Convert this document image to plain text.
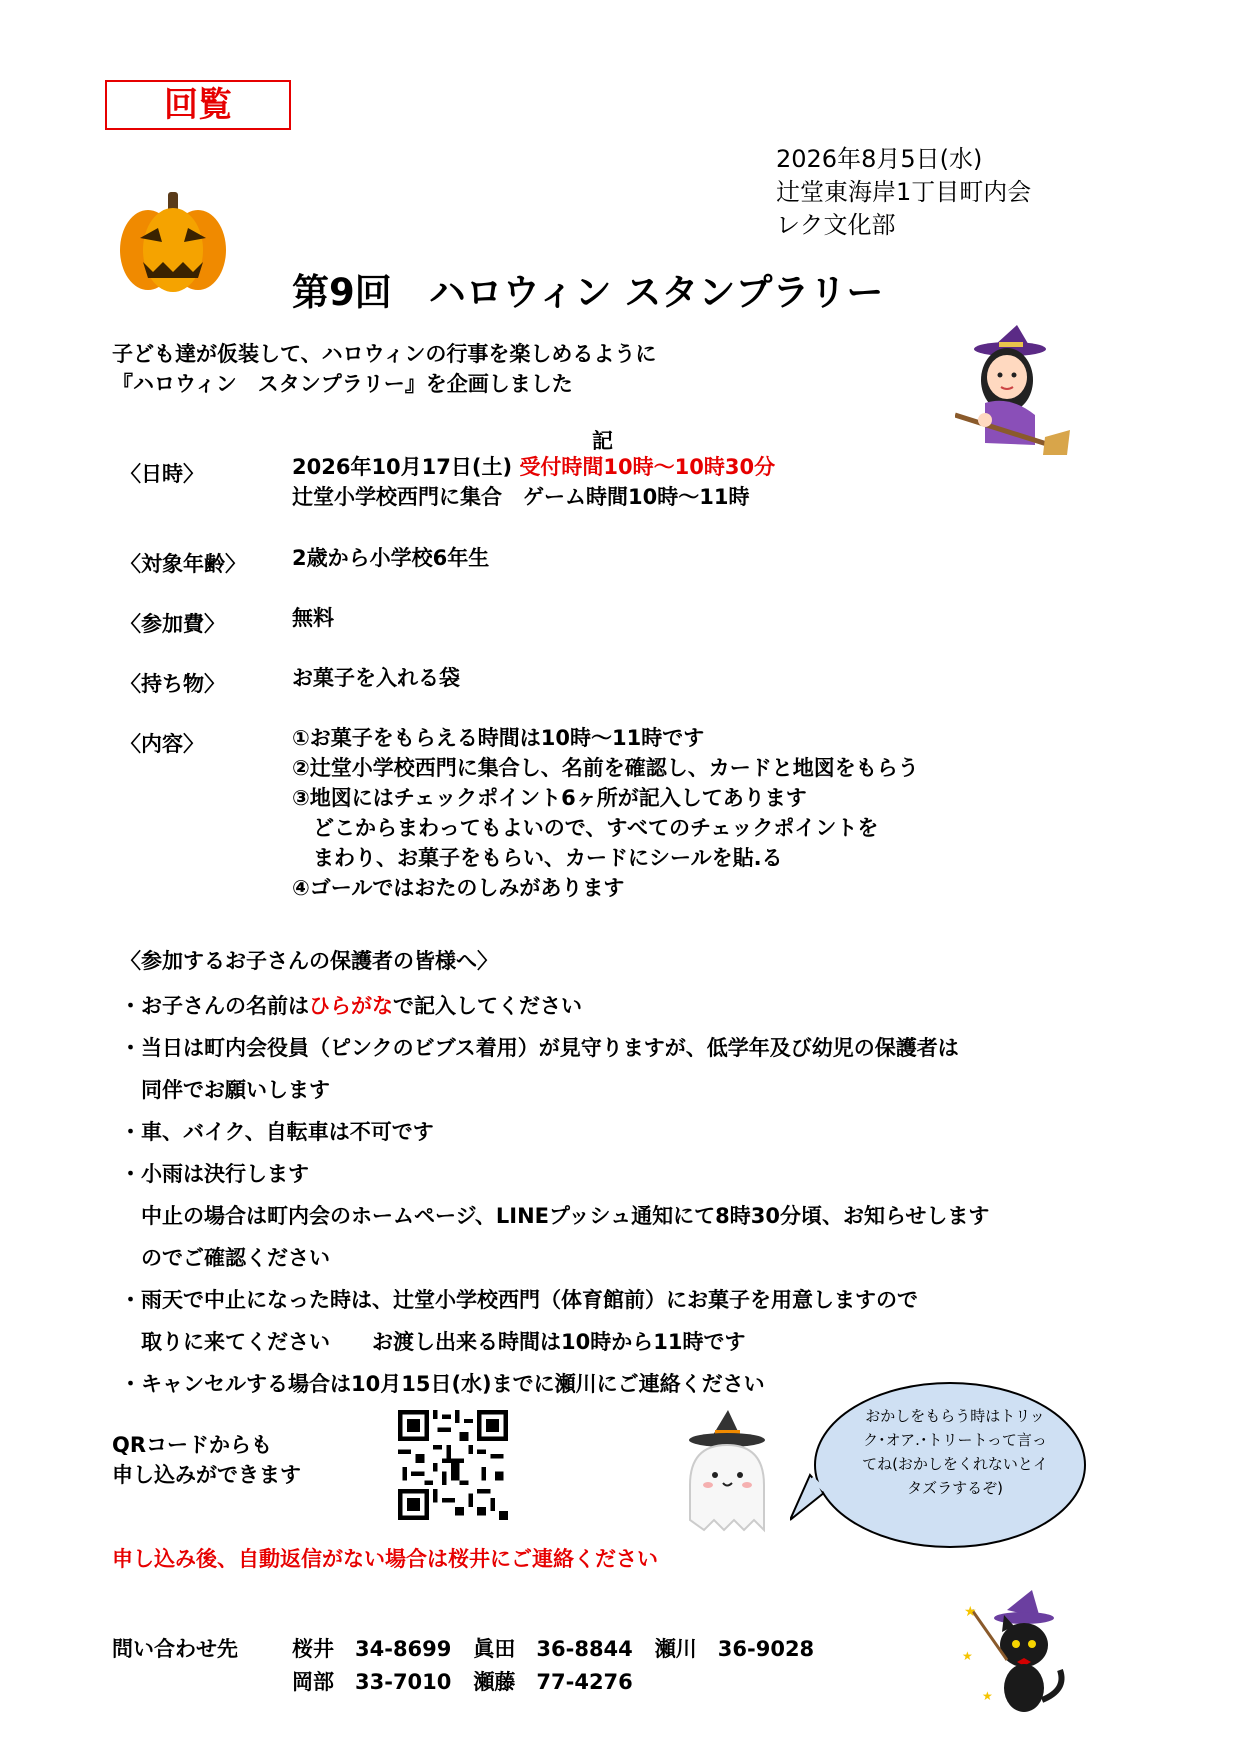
回覧
2026年8月5日(水)
辻堂東海岸1丁目町内会
レク文化部
第9回　ハロウィン スタンプラリー
子ども達が仮装して、ハロウィンの行事を楽しめるように
『ハロウィン　スタンプラリー』を企画しました
記
〈日時〉	2026年10月17日(土) 受付時間10時〜10時30分
辻堂小学校西門に集合　ゲーム時間10時〜11時
〈対象年齢〉 2歳から小学校6年生
〈参加費〉	無料
〈持ち物〉	お菓子を入れる袋
〈内容〉	①お菓子をもらえる時間は10時〜11時です
②辻堂小学校西門に集合し、名前を確認し、カードと地図をもらう
③地図にはチェックポイント6ヶ所が記入してあります
　どこからまわってもよいので、すべてのチェックポイントを
　まわり、お菓子をもらい、カードにシールを貼.る
④ゴールではおたのしみがあります
〈参加するお子さんの保護者の皆様へ〉
・お子さんの名前はひらがなで記入してください
・当日は町内会役員（ピンクのビブス着用）が見守りますが、低学年及び幼児の保護者は
　同伴でお願いします
・車、バイク、自転車は不可です
・小雨は決行します
　中止の場合は町内会のホームページ、LINEプッシュ通知にて8時30分頃、お知らせします
　のでご確認ください
・雨天で中止になった時は、辻堂小学校西門（体育館前）にお菓子を用意しますので
　取りに来てください　　お渡し出来る時間は10時から11時です
・キャンセルする場合は10月15日(水)までに瀬川にご連絡ください
QRコードからも
申し込みができます
おかしをもらう時はトリック･オア.･トリートって言ってね(おかしをくれないとイタズラするぞ)
申し込み後、自動返信がない場合は桜井にご連絡ください
問い合わせ先	桜井　34-8699 眞田　36-8844 瀬川　36-9028
岡部　33-7010 瀬藤　77-4276
★
★
★
